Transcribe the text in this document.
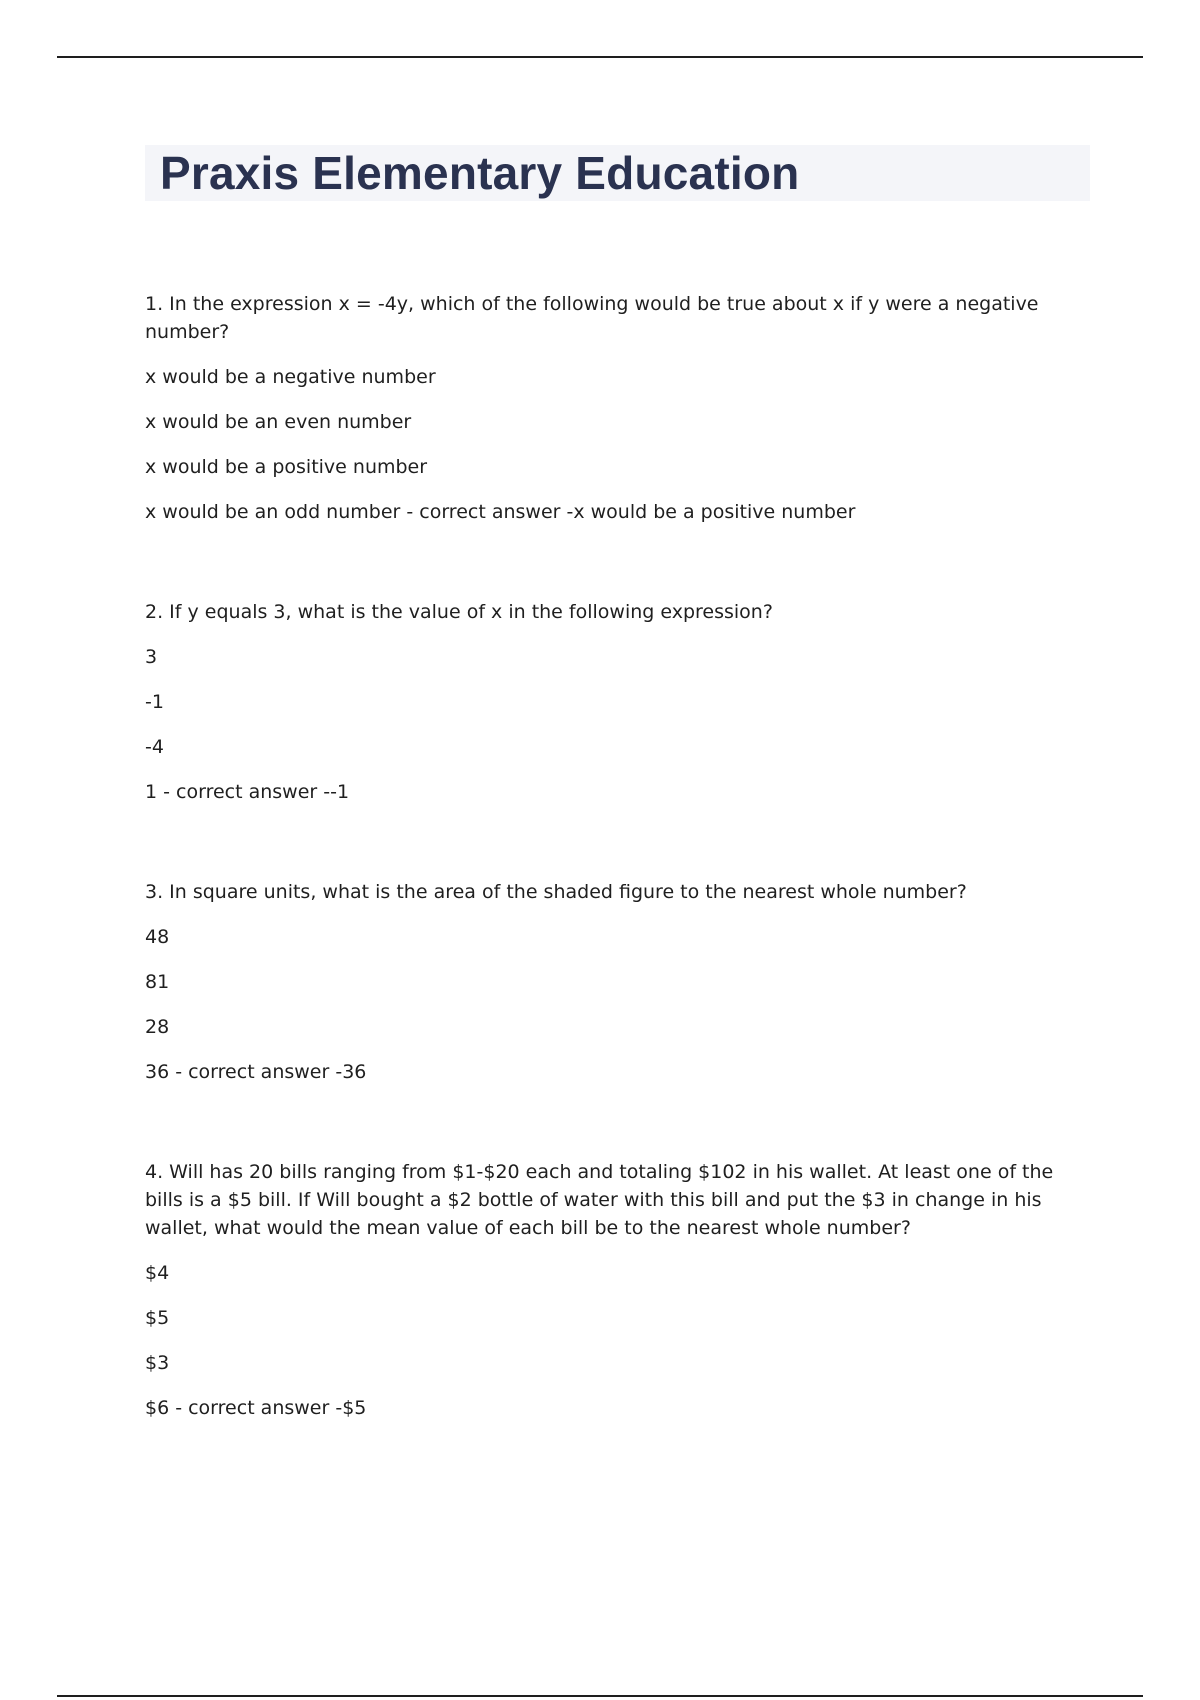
Praxis Elementary Education

1. In the expression x = -4y, which of the following would be true about x if y were a negative number?

x would be a negative number

x would be an even number

x would be a positive number

x would be an odd number - correct answer -x would be a positive number

2. If y equals 3, what is the value of x in the following expression?

3

-1

-4

1 - correct answer --1

3. In square units, what is the area of the shaded figure to the nearest whole number?

48

81

28

36 - correct answer -36

4. Will has 20 bills ranging from $1-$20 each and totaling $102 in his wallet. At least one of the bills is a $5 bill. If Will bought a $2 bottle of water with this bill and put the $3 in change in his wallet, what would the mean value of each bill be to the nearest whole number?

$4

$5

$3

$6 - correct answer -$5
